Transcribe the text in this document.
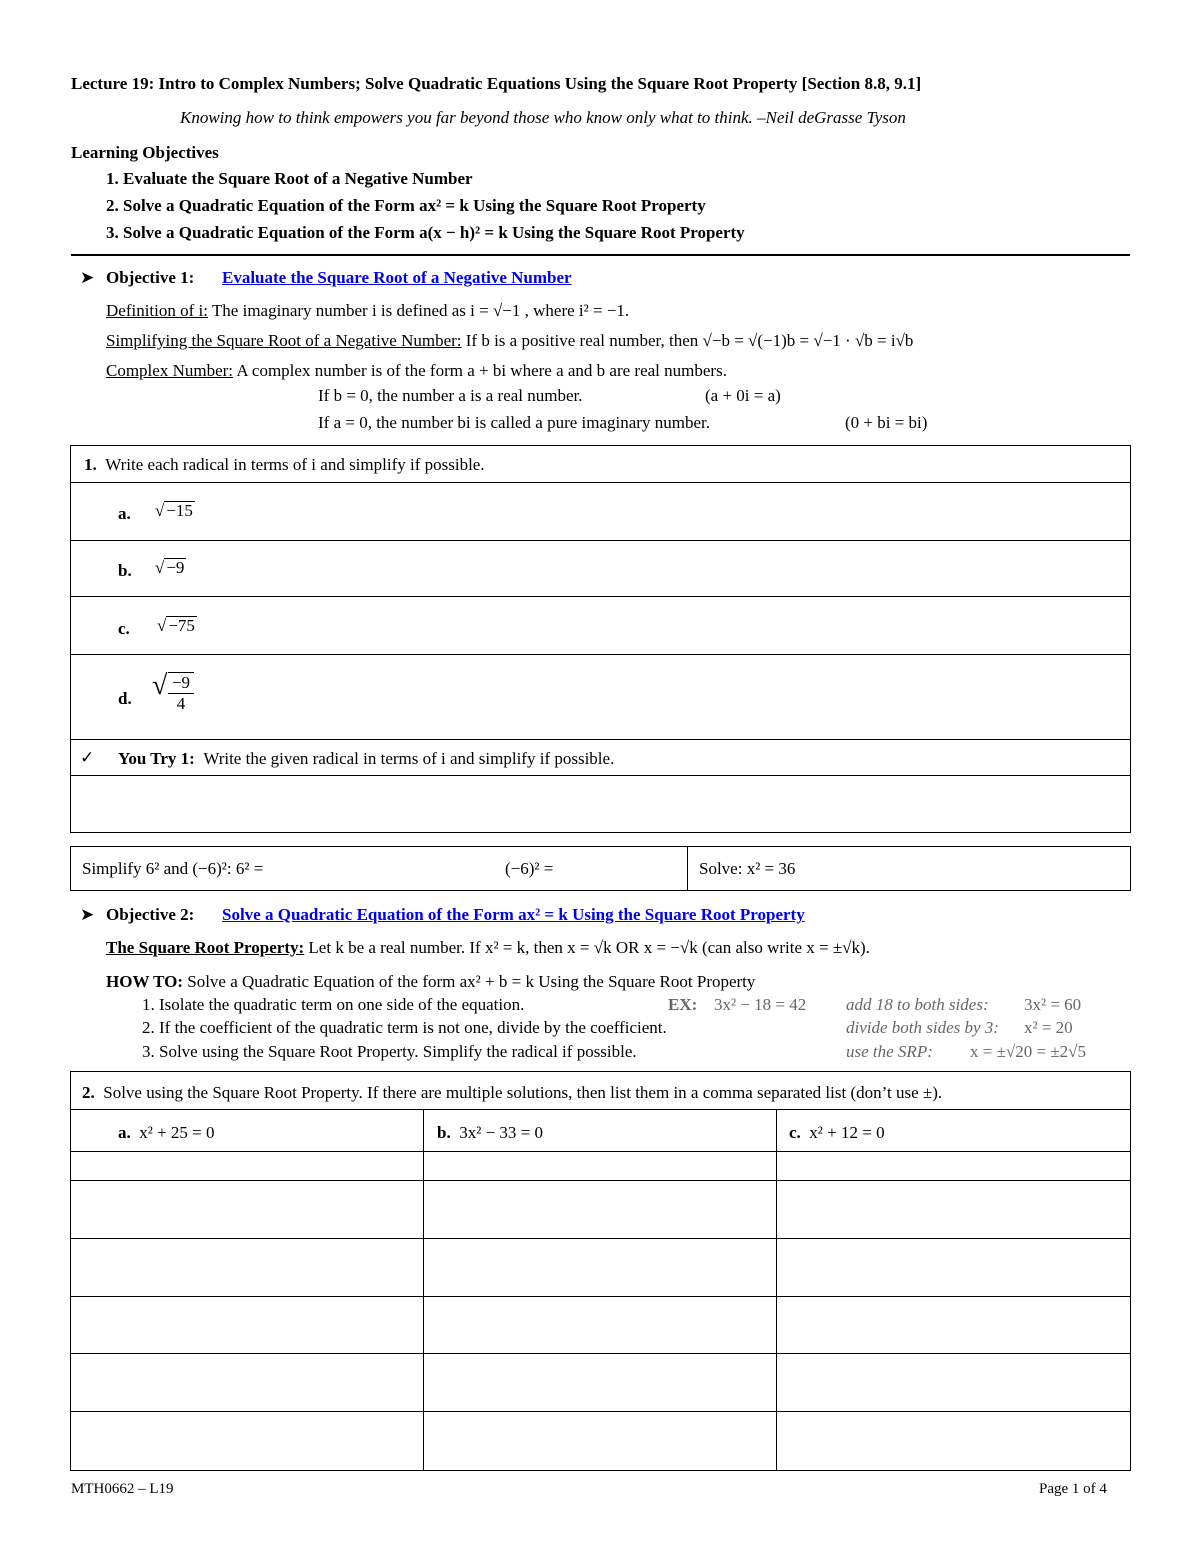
Lecture 19: Intro to Complex Numbers; Solve Quadratic Equations Using the Square Root Property [Section 8.8, 9.1]
Knowing how to think empowers you far beyond those who know only what to think. –Neil deGrasse Tyson
Learning Objectives
1. Evaluate the Square Root of a Negative Number
2. Solve a Quadratic Equation of the Form ax² = k Using the Square Root Property
3. Solve a Quadratic Equation of the Form a(x − h)² = k Using the Square Root Property
➤ Objective 1: Evaluate the Square Root of a Negative Number
Definition of i: The imaginary number i is defined as i = √−1 , where i² = −1.
Simplifying the Square Root of a Negative Number: If b is a positive real number, then √−b = √(−1)b = √−1 · √b = i√b
Complex Number: A complex number is of the form a + bi where a and b are real numbers.
If b = 0, the number a is a real number.	(a + 0i = a)
If a = 0, the number bi is called a pure imaginary number.	(0 + bi = bi)
1. Write each radical in terms of i and simplify if possible.
a. √ −15
b. √ −9
c. √ −75
d. √ $\frac{-9}{4}$
✓ You Try 1: Write the given radical in terms of i and simplify if possible.
Simplify 6² and (−6)²: 6² =	(−6)² =	Solve: x² = 36
➤ Objective 2: Solve a Quadratic Equation of the Form ax² = k Using the Square Root Property
The Square Root Property: Let k be a real number. If x² = k, then x = √k OR x = −√k (can also write x = ±√k).
HOW TO: Solve a Quadratic Equation of the form ax² + b = k Using the Square Root Property
1. Isolate the quadratic term on one side of the equation.
2. If the coefficient of the quadratic term is not one, divide by the coefficient.
3. Solve using the Square Root Property. Simplify the radical if possible.
EX: 3x² − 18 = 42 add 18 to both sides: 3x² = 60
divide both sides by 3: x² = 20
use the SRP: x = ±√20 = ±2√5
2. Solve using the Square Root Property. If there are multiple solutions, then list them in a comma separated list (don’t use ±).
a. x² + 25 = 0	b. 3x² − 33 = 0	c. x² + 12 = 0
MTH0662 – L19	Page 1 of 4
